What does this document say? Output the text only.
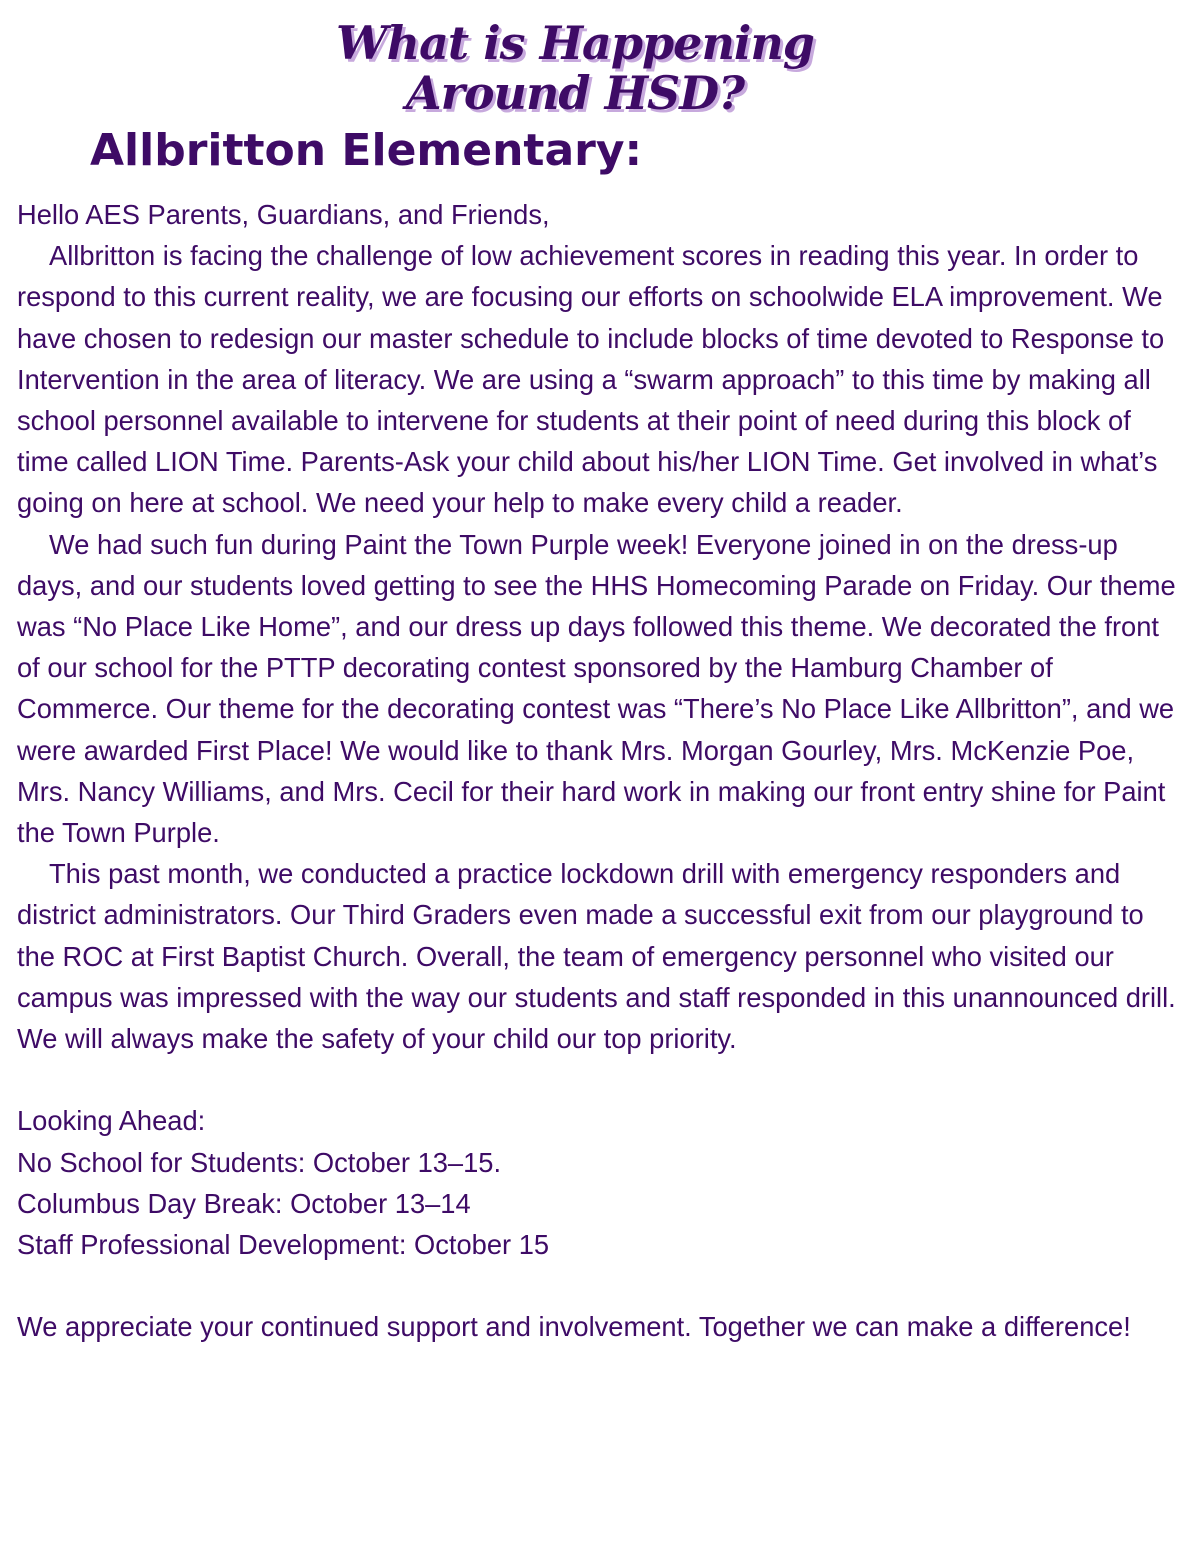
What is Happening
Around HSD?
Allbritton Elementary:

Hello AES Parents, Guardians, and Friends,

Allbritton is facing the challenge of low achievement scores in reading this year. In order to respond to this current reality, we are focusing our efforts on schoolwide ELA improvement. We have chosen to redesign our master schedule to include blocks of time devoted to Response to Intervention in the area of literacy. We are using a “swarm approach” to this time by making all school personnel available to intervene for students at their point of need during this block of time called LION Time. Parents-Ask your child about his/her LION Time. Get involved in what’s going on here at school. We need your help to make every child a reader.

We had such fun during Paint the Town Purple week! Everyone joined in on the dress-up days, and our students loved getting to see the HHS Homecoming Parade on Friday. Our theme was “No Place Like Home”, and our dress up days followed this theme. We decorated the front of our school for the PTTP decorating contest sponsored by the Hamburg Chamber of Commerce. Our theme for the decorating contest was “There’s No Place Like Allbritton”, and we were awarded First Place! We would like to thank Mrs. Morgan Gourley, Mrs. McKenzie Poe, Mrs. Nancy Williams, and Mrs. Cecil for their hard work in making our front entry shine for Paint the Town Purple.

This past month, we conducted a practice lockdown drill with emergency responders and district administrators. Our Third Graders even made a successful exit from our playground to the ROC at First Baptist Church. Overall, the team of emergency personnel who visited our campus was impressed with the way our students and staff responded in this unannounced drill. We will always make the safety of your child our top priority.

Looking Ahead:

No School for Students: October 13–15.

Columbus Day Break: October 13–14

Staff Professional Development: October 15

We appreciate your continued support and involvement. Together we can make a difference!
